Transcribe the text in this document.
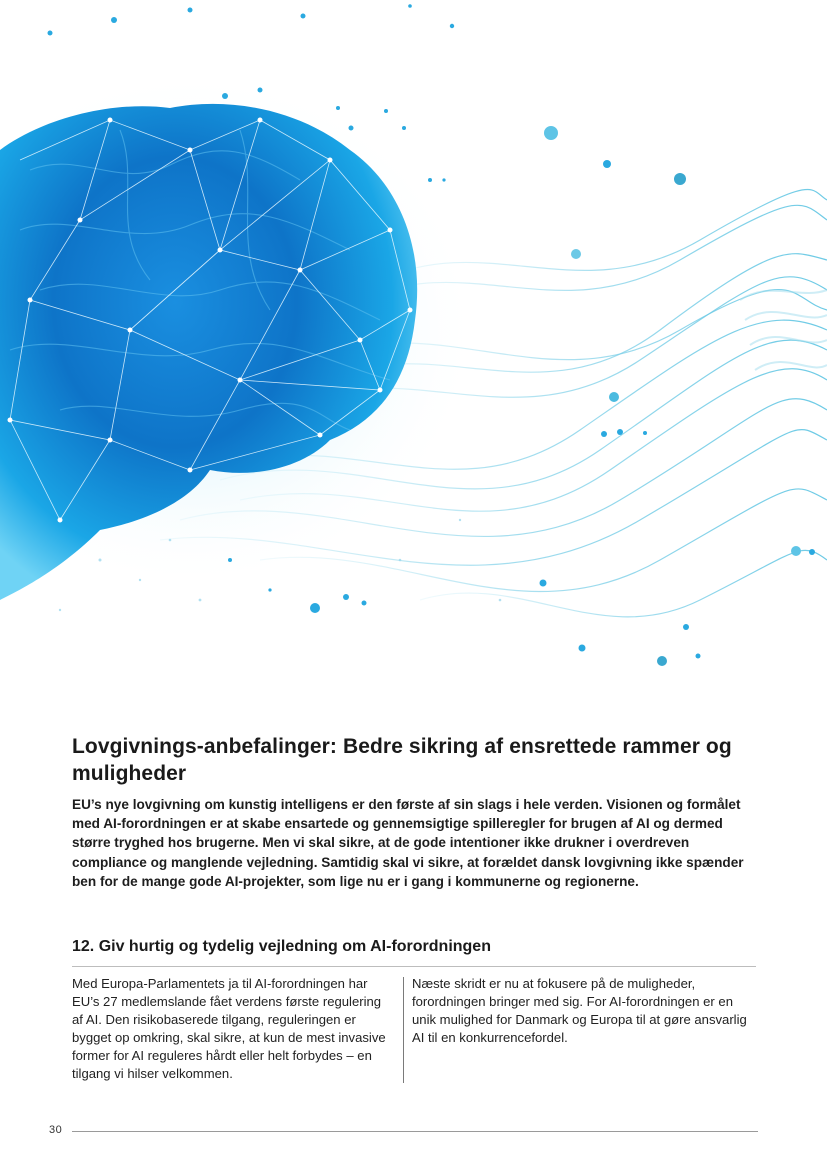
Lovgivnings-anbefalinger: Bedre sikring af ensrettede rammer og muligheder

EU’s nye lovgivning om kunstig intelligens er den første af sin slags i hele verden. Visionen og formålet med AI-forordningen er at skabe ensartede og gennemsigtige spilleregler for brugen af AI og dermed større tryghed hos brugerne. Men vi skal sikre, at de gode intentioner ikke drukner i overdreven compliance og manglende vejledning. Samtidig skal vi sikre, at forældet dansk lovgivning ikke spænder ben for de mange gode AI-projekter, som lige nu er i gang i kommunerne og regionerne.

12. Giv hurtig og tydelig vejledning om AI-forordningen

Med Europa-Parlamentets ja til AI-forordningen har EU’s 27 medlemslande fået verdens første regulering af AI. Den risikobaserede tilgang, reguleringen er bygget op omkring, skal sikre, at kun de mest invasive former for AI reguleres hårdt eller helt forbydes – en tilgang vi hilser velkommen.

Næste skridt er nu at fokusere på de muligheder, forordningen bringer med sig. For AI-forordningen er en unik mulighed for Danmark og Europa til at gøre ansvarlig AI til en konkurrencefordel.

30
